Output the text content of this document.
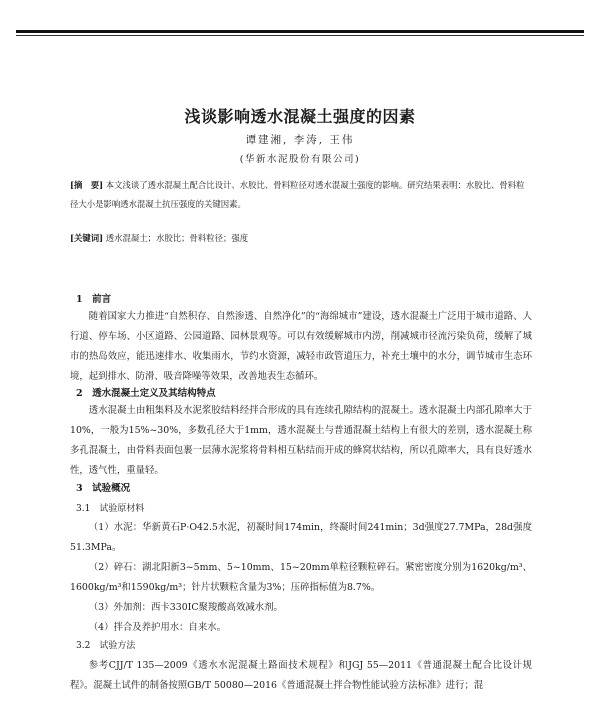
浅谈影响透水混凝土强度的因素
谭建湘, 李涛, 王伟
(华新水泥股份有限公司)
[摘　要] 本文浅谈了透水混凝土配合比设计、水胶比、骨料粒径对透水混凝土强度的影响。研究结果表明：水胶比、骨料粒径大小是影响透水混凝土抗压强度的关键因素。
[关键词] 透水混凝土；水胶比；骨料粒径；强度
1　前言
随着国家大力推进“自然积存、自然渗透、自然净化”的“海绵城市”建设，透水混凝土广泛用于城市道路、人行道、停车场、小区道路、公园道路、园林景观等。可以有效缓解城市内涝，削减城市径流污染负荷，缓解了城市的热岛效应，能迅速排水、收集雨水，节约水资源，减轻市政管道压力，补充土壤中的水分，调节城市生态环境，起到排水、防滑、吸音降噪等效果，改善地表生态循环。
2　透水混凝土定义及其结构特点
透水混凝土由粗集料及水泥浆胶结料经拌合形成的具有连续孔隙结构的混凝土。透水混凝土内部孔隙率大于10%，一般为15%~30%，多数孔径大于1mm，透水混凝土与普通混凝土结构上有很大的差别，透水混凝土称多孔混凝土，由骨料表面包裹一层薄水泥浆将骨料相互粘结而开成的蜂窝状结构，所以孔隙率大，具有良好透水性，透气性，重量轻。
3　试验概况
3.1　试验原材料
（1）水泥：华新黄石P·O42.5水泥，初凝时间174min，终凝时间241min；3d强度27.7MPa，28d强度51.3MPa。
（2）碎石：湖北阳新3~5mm、5~10mm、15~20mm单粒径颗粒碎石。紧密密度分别为1620kg/m³、1600kg/m³和1590kg/m³；针片状颗粒含量为3%；压碎指标值为8.7%。
（3）外加剂：西卡330IC聚羧酸高效减水剂。
（4）拌合及养护用水：自来水。
3.2　试验方法
参考CJJ/T 135—2009《透水水泥混凝土路面技术规程》和JGJ 55—2011《普通混凝土配合比设计规程》。混凝土试件的制备按照GB/T 50080—2016《普通混凝土拌合物性能试验方法标准》进行；混
